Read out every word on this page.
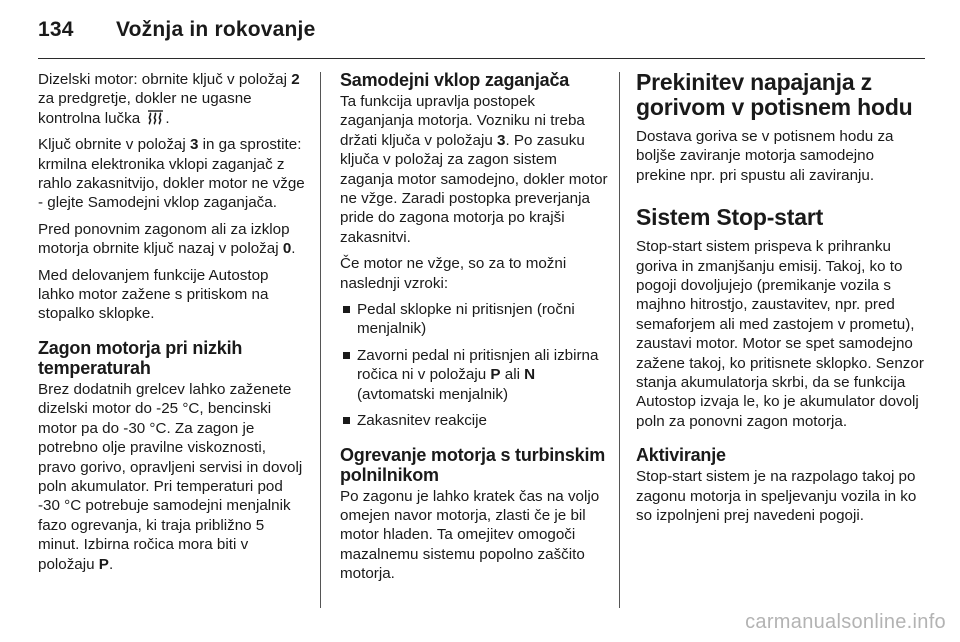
134 Vožnja in rokovanje

Dizelski motor: obrnite ključ v položaj 2 za predgretje, dokler ne ugasne kontrolna lučka .

Ključ obrnite v položaj 3 in ga sprostite: krmilna elektronika vklopi zaganjač z rahlo zakasnitvijo, dokler motor ne vžge - glejte Samodejni vklop zaganjača.

Pred ponovnim zagonom ali za izklop motorja obrnite ključ nazaj v položaj 0.

Med delovanjem funkcije Autostop lahko motor zažene s pritiskom na stopalko sklopke.

Zagon motorja pri nizkih temperaturah

Brez dodatnih grelcev lahko zaženete dizelski motor do -25 °C, bencinski motor pa do -30 °C. Za zagon je potrebno olje pravilne viskoznosti, pravo gorivo, opravljeni servisi in dovolj poln akumulator. Pri temperaturi pod -30 °C potrebuje samodejni menjalnik fazo ogrevanja, ki traja približno 5 minut. Izbirna ročica mora biti v položaju P.

Samodejni vklop zaganjača

Ta funkcija upravlja postopek zaganjanja motorja. Vozniku ni treba držati ključa v položaju 3. Po zasuku ključa v položaj za zagon sistem zaganja motor samodejno, dokler motor ne vžge. Zaradi postopka preverjanja pride do zagona motorja po krajši zakasnitvi.

Če motor ne vžge, so za to možni naslednji vzroki:

Pedal sklopke ni pritisnjen (ročni menjalnik)
Zavorni pedal ni pritisnjen ali izbirna ročica ni v položaju P ali N (avtomatski menjalnik)
Zakasnitev reakcije
Ogrevanje motorja s turbinskim polnilnikom

Po zagonu je lahko kratek čas na voljo omejen navor motorja, zlasti če je bil motor hladen. Ta omejitev omogoči mazalnemu sistemu popolno zaščito motorja.

Prekinitev napajanja z gorivom v potisnem hodu

Dostava goriva se v potisnem hodu za boljše zaviranje motorja samodejno prekine npr. pri spustu ali zaviranju.

Sistem Stop-start

Stop-start sistem prispeva k prihranku goriva in zmanjšanju emisij. Takoj, ko to pogoji dovoljujejo (premikanje vozila s majhno hitrostjo, zaustavitev, npr. pred semaforjem ali med zastojem v prometu), zaustavi motor. Motor se spet samodejno zažene takoj, ko pritisnete sklopko. Senzor stanja akumulatorja skrbi, da se funkcija Autostop izvaja le, ko je akumulator dovolj poln za ponovni zagon motorja.

Aktiviranje

Stop-start sistem je na razpolago takoj po zagonu motorja in speljevanju vozila in ko so izpolnjeni prej navedeni pogoji.

carmanualsonline.info
